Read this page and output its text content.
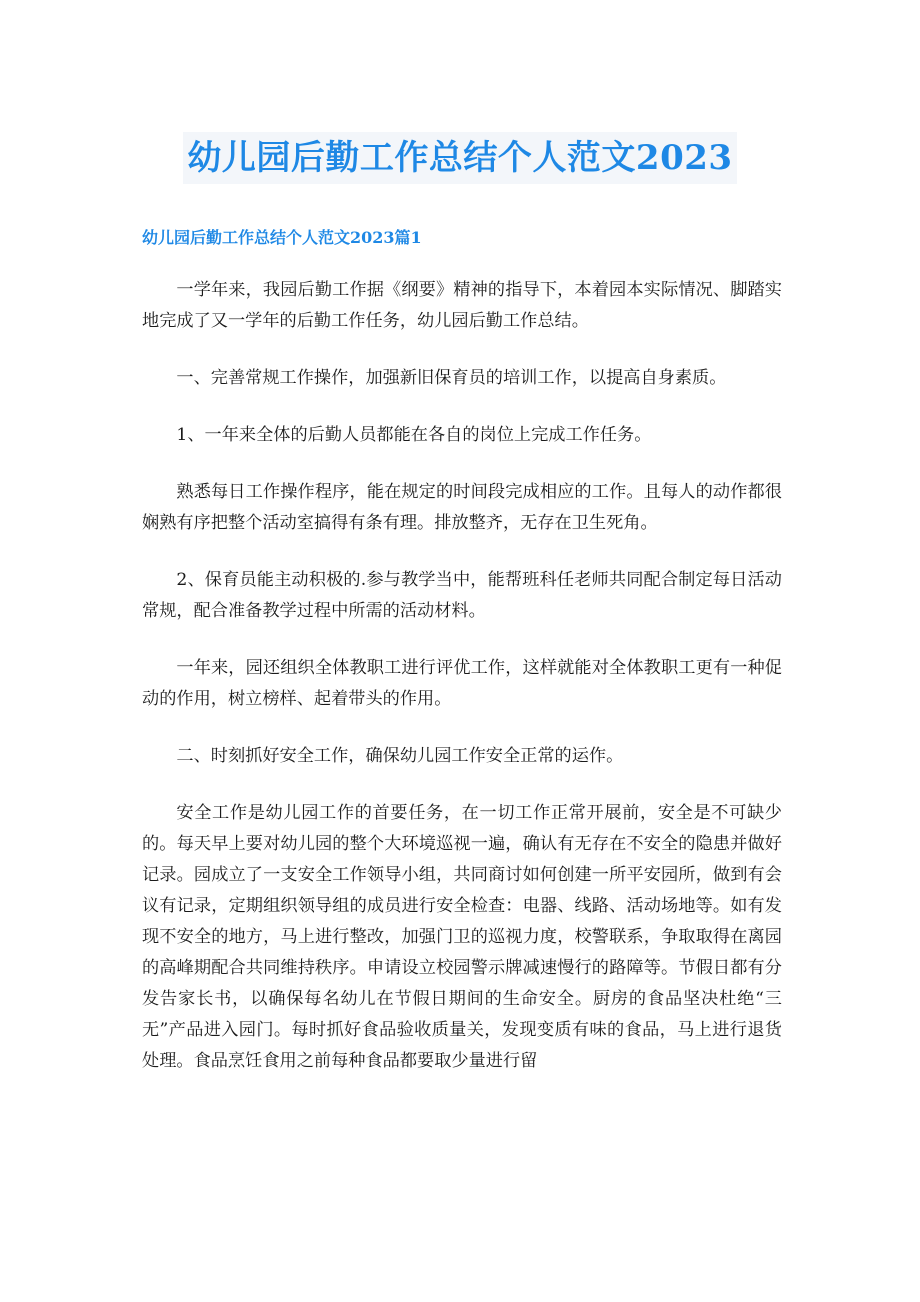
幼儿园后勤工作总结个人范文2023
幼儿园后勤工作总结个人范文2023篇1

一学年来，我园后勤工作据《纲要》精神的指导下，本着园本实际情况、脚踏实地完成了又一学年的后勤工作任务，幼儿园后勤工作总结。

一、完善常规工作操作，加强新旧保育员的培训工作，以提高自身素质。

1、一年来全体的后勤人员都能在各自的岗位上完成工作任务。

熟悉每日工作操作程序，能在规定的时间段完成相应的工作。且每人的动作都很娴熟有序把整个活动室搞得有条有理。排放整齐，无存在卫生死角。

2、保育员能主动积极的.参与教学当中，能帮班科任老师共同配合制定每日活动常规，配合准备教学过程中所需的活动材料。

一年来，园还组织全体教职工进行评优工作，这样就能对全体教职工更有一种促动的作用，树立榜样、起着带头的作用。

二、时刻抓好安全工作，确保幼儿园工作安全正常的运作。

安全工作是幼儿园工作的首要任务，在一切工作正常开展前，安全是不可缺少的。每天早上要对幼儿园的整个大环境巡视一遍，确认有无存在不安全的隐患并做好记录。园成立了一支安全工作领导小组，共同商讨如何创建一所平安园所，做到有会议有记录，定期组织领导组的成员进行安全检查：电器、线路、活动场地等。如有发现不安全的地方，马上进行整改，加强门卫的巡视力度，校警联系，争取取得在离园的高峰期配合共同维持秩序。申请设立校园警示牌减速慢行的路障等。节假日都有分发告家长书，以确保每名幼儿在节假日期间的生命安全。厨房的食品坚决杜绝“三无”产品进入园门。每时抓好食品验收质量关，发现变质有味的食品，马上进行退货处理。食品烹饪食用之前每种食品都要取少量进行留
